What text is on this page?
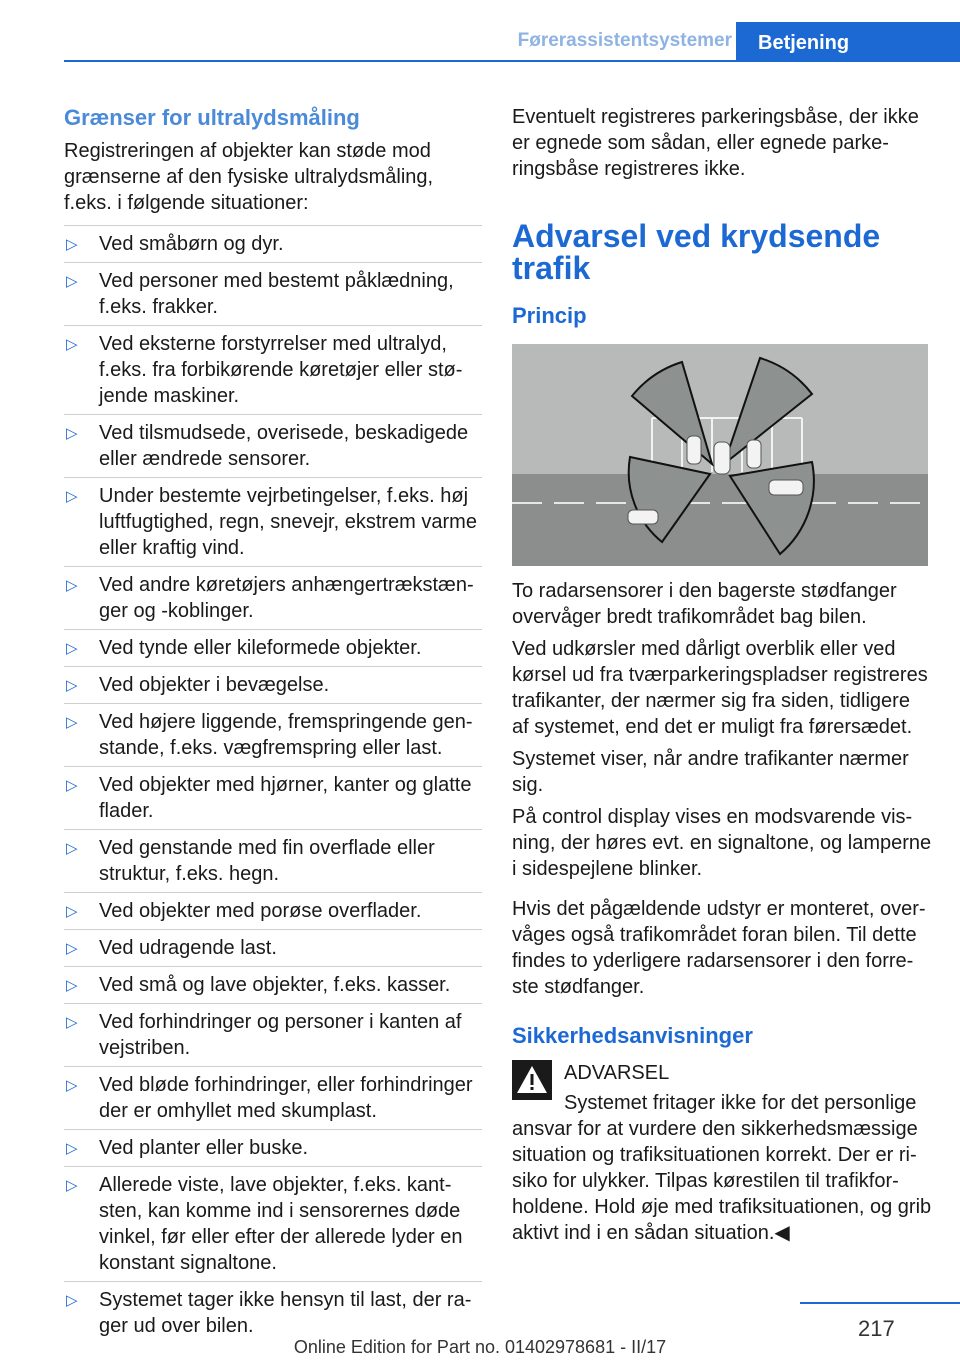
Førerassistentsystemer	Betjening
Grænser for ultralydsmåling

Registreringen af objekter kan støde mod grænserne af den fysiske ultralydsmåling, f.eks. i følgende situationer:

▷ Ved småbørn og dyr.
▷ Ved personer med bestemt påklædning, f.eks. frakker.
▷ Ved eksterne forstyrrelser med ultralyd, f.eks. fra forbikørende køretøjer eller stø- jende maskiner.
▷ Ved tilsmudsede, overisede, beskadigede eller ændrede sensorer.
▷ Under bestemte vejrbetingelser, f.eks. høj luftfugtighed, regn, snevejr, ekstrem varme eller kraftig vind.
▷ Ved andre køretøjers anhængertrækstæn- ger og -koblinger.
▷ Ved tynde eller kileformede objekter.
▷ Ved objekter i bevægelse.
▷ Ved højere liggende, fremspringende gen- stande, f.eks. vægfremspring eller last.
▷ Ved objekter med hjørner, kanter og glatte flader.
▷ Ved genstande med fin overflade eller struktur, f.eks. hegn.
▷ Ved objekter med porøse overflader.
▷ Ved udragende last.
▷ Ved små og lave objekter, f.eks. kasser.
▷ Ved forhindringer og personer i kanten af vejstriben.
▷ Ved bløde forhindringer, eller forhindringer der er omhyllet med skumplast.
▷ Ved planter eller buske.
▷ Allerede viste, lave objekter, f.eks. kant- sten, kan komme ind i sensorernes døde vinkel, før eller efter der allerede lyder en konstant signaltone.
▷ Systemet tager ikke hensyn til last, der ra- ger ud over bilen.

Eventuelt registreres parkeringsbåse, der ikke er egnede som sådan, eller egnede parke- ringsbåse registreres ikke.

Advarsel ved krydsende trafik
Princip

To radarsensorer i den bagerste stødfanger overvåger bredt trafikområdet bag bilen.

Ved udkørsler med dårligt overblik eller ved kørsel ud fra tværparkeringspladser registreres trafikanter, der nærmer sig fra siden, tidligere af systemet, end det er muligt fra førersædet.

Systemet viser, når andre trafikanter nærmer sig.

På control display vises en modsvarende vis- ning, der høres evt. en signaltone, og lamperne i sidespejlene blinker.

Hvis det pågældende udstyr er monteret, over- våges også trafikområdet foran bilen. Til dette findes to yderligere radarsensorer i den forre- ste stødfanger.

Sikkerhedsanvisninger

ADVARSEL

Systemet fritager ikke for det personlige ansvar for at vurdere den sikkerhedsmæssige situation og trafiksituationen korrekt. Der er ri- siko for ulykker. Tilpas kørestilen til trafikfor- holdene. Hold øje med trafiksituationen, og grib aktivt ind i en sådan situation.◀

217
Online Edition for Part no. 01402978681 - II/17
